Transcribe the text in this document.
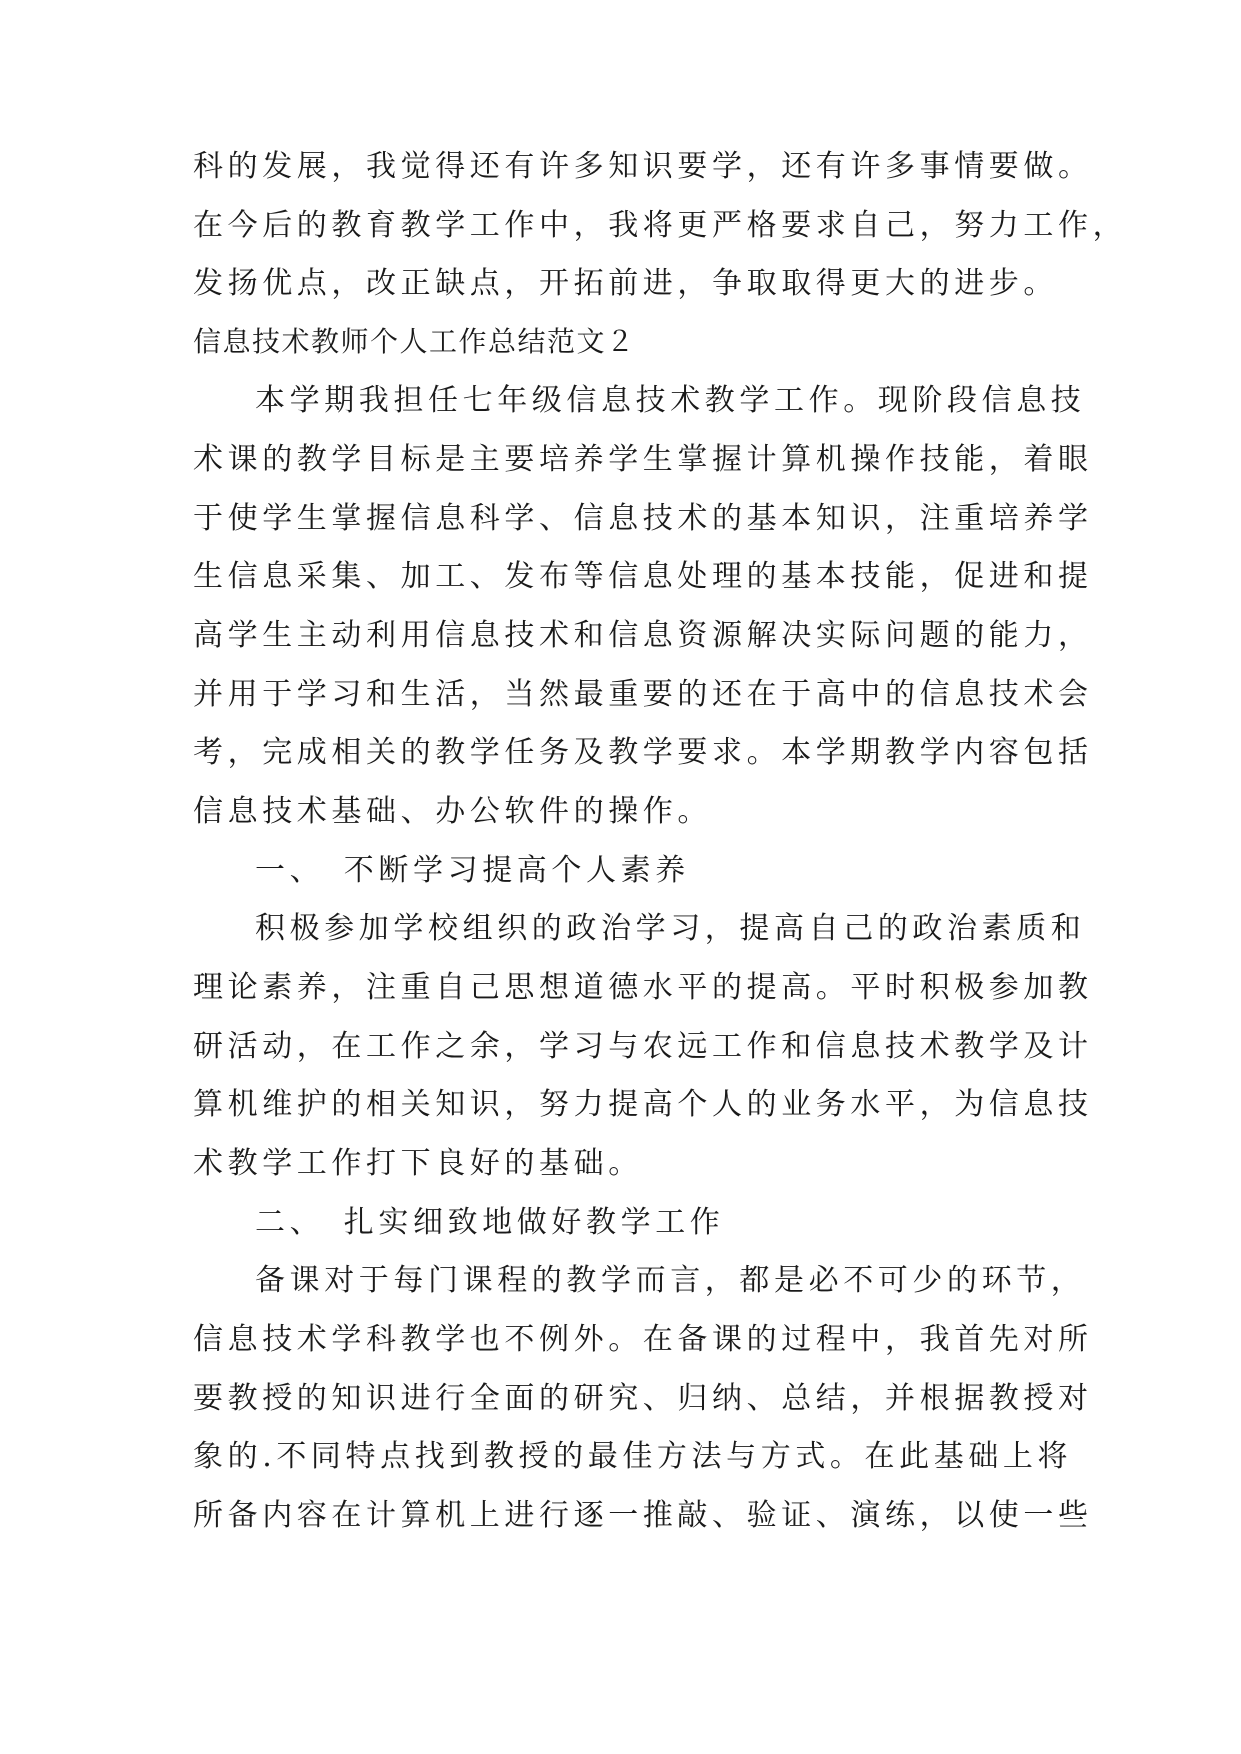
科的发展，我觉得还有许多知识要学，还有许多事情要做。
在今后的教育教学工作中，我将更严格要求自己，努力工作，
发扬优点，改正缺点，开拓前进，争取取得更大的进步。
信息技术教师个人工作总结范文２
本学期我担任七年级信息技术教学工作。现阶段信息技
术课的教学目标是主要培养学生掌握计算机操作技能，着眼
于使学生掌握信息科学、信息技术的基本知识，注重培养学
生信息采集、加工、发布等信息处理的基本技能，促进和提
高学生主动利用信息技术和信息资源解决实际问题的能力，
并用于学习和生活，当然最重要的还在于高中的信息技术会
考，完成相关的教学任务及教学要求。本学期教学内容包括
信息技术基础、办公软件的操作。
一、　不断学习提高个人素养
积极参加学校组织的政治学习，提高自己的政治素质和
理论素养，注重自己思想道德水平的提高。平时积极参加教
研活动，在工作之余，学习与农远工作和信息技术教学及计
算机维护的相关知识，努力提高个人的业务水平，为信息技
术教学工作打下良好的基础。
二、　扎实细致地做好教学工作
备课对于每门课程的教学而言，都是必不可少的环节，
信息技术学科教学也不例外。在备课的过程中，我首先对所
要教授的知识进行全面的研究、归纳、总结，并根据教授对
象的.不同特点找到教授的最佳方法与方式。在此基础上将
所备内容在计算机上进行逐一推敲、验证、演练，以使一些
